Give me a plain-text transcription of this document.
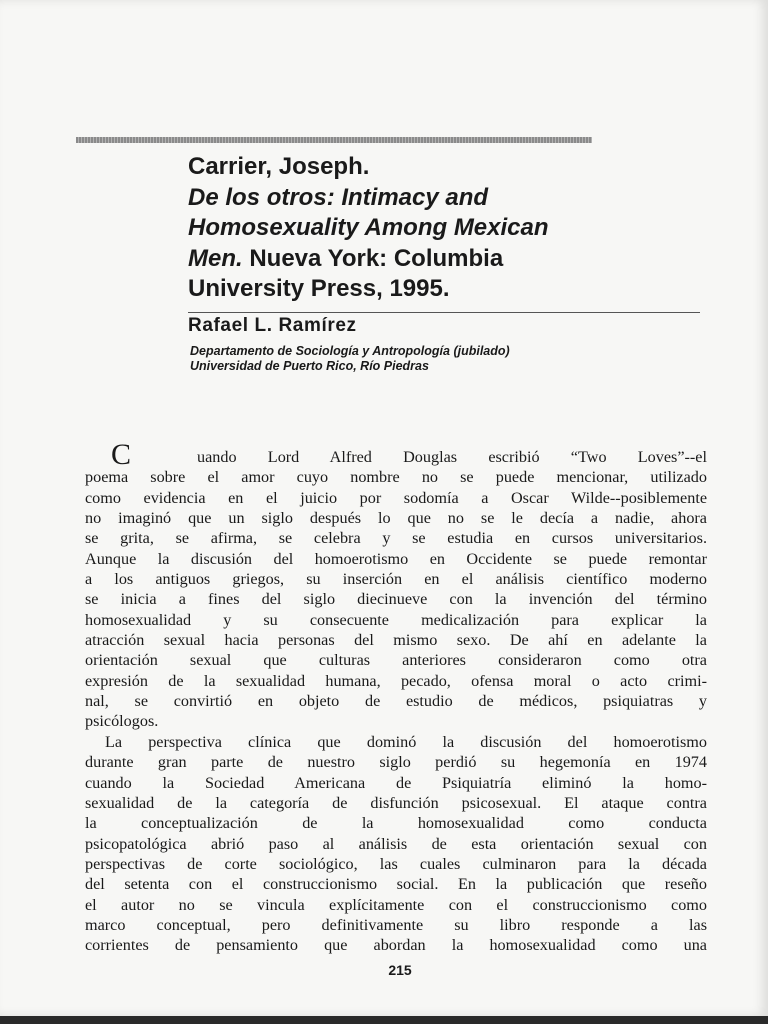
Carrier, Joseph.
De los otros: Intimacy and
Homosexuality Among Mexican
Men. Nueva York: Columbia
University Press, 1995.
Rafael L. Ramírez
Departamento de Sociología y Antropología (jubilado)
Universidad de Puerto Rico, Río Piedras
C	uando Lord Alfred Douglas escribió “Two Loves”--el
poema sobre el amor cuyo nombre no se puede mencionar, utilizado
como evidencia en el juicio por sodomía a Oscar Wilde--posiblemente
no imaginó que un siglo después lo que no se le decía a nadie, ahora
se grita, se afirma, se celebra y se estudia en cursos universitarios.
Aunque la discusión del homoerotismo en Occidente se puede remontar
a los antiguos griegos, su inserción en el análisis científico moderno
se inicia a fines del siglo diecinueve con la invención del término
homosexualidad y su consecuente medicalización para explicar la
atracción sexual hacia personas del mismo sexo. De ahí en adelante la
orientación sexual que culturas anteriores consideraron como otra
expresión de la sexualidad humana, pecado, ofensa moral o acto crimi-
nal, se convirtió en objeto de estudio de médicos, psiquiatras y
psicólogos.
La perspectiva clínica que dominó la discusión del homoerotismo
durante gran parte de nuestro siglo perdió su hegemonía en 1974
cuando la Sociedad Americana de Psiquiatría eliminó la homo-
sexualidad de la categoría de disfunción psicosexual. El ataque contra
la conceptualización de la homosexualidad como conducta
psicopatológica abrió paso al análisis de esta orientación sexual con
perspectivas de corte sociológico, las cuales culminaron para la década
del setenta con el construccionismo social. En la publicación que reseño
el autor no se vincula explícitamente con el construccionismo como
marco conceptual, pero definitivamente su libro responde a las
corrientes de pensamiento que abordan la homosexualidad como una
215
